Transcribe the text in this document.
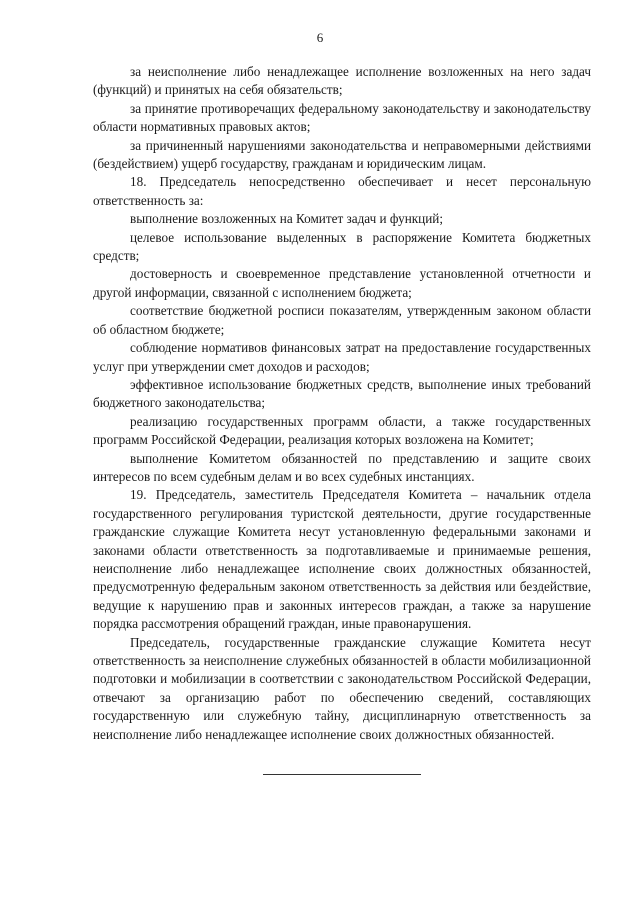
6

за неисполнение либо ненадлежащее исполнение возложенных на него задач (функций) и принятых на себя обязательств;

за принятие противоречащих федеральному законодательству и законодательству области нормативных правовых актов;

за причиненный нарушениями законодательства и неправомерными действиями (бездействием) ущерб государству, гражданам и юридическим лицам.

18. Председатель непосредственно обеспечивает и несет персональную ответственность за:

выполнение возложенных на Комитет задач и функций;

целевое использование выделенных в распоряжение Комитета бюджетных средств;

достоверность и своевременное представление установленной отчетности и другой информации, связанной с исполнением бюджета;

соответствие бюджетной росписи показателям, утвержденным законом области об областном бюджете;

соблюдение нормативов финансовых затрат на предоставление государственных услуг при утверждении смет доходов и расходов;

эффективное использование бюджетных средств, выполнение иных требований бюджетного законодательства;

реализацию государственных программ области, а также государственных программ Российской Федерации, реализация которых возложена на Комитет;

выполнение Комитетом обязанностей по представлению и защите своих интересов по всем судебным делам и во всех судебных инстанциях.

19. Председатель, заместитель Председателя Комитета – начальник отдела государственного регулирования туристской деятельности, другие государственные гражданские служащие Комитета несут установленную федеральными законами и законами области ответственность за подготавливаемые и принимаемые решения, неисполнение либо ненадлежащее исполнение своих должностных обязанностей, предусмотренную федеральным законом ответственность за действия или бездействие, ведущие к нарушению прав и законных интересов граждан, а также за нарушение порядка рассмотрения обращений граждан, иные правонарушения.

Председатель, государственные гражданские служащие Комитета несут ответственность за неисполнение служебных обязанностей в области мобилизационной подготовки и мобилизации в соответствии с законодательством Российской Федерации, отвечают за организацию работ по обеспечению сведений, составляющих государственную или служебную тайну, дисциплинарную ответственность за неисполнение либо ненадлежащее исполнение своих должностных обязанностей.
